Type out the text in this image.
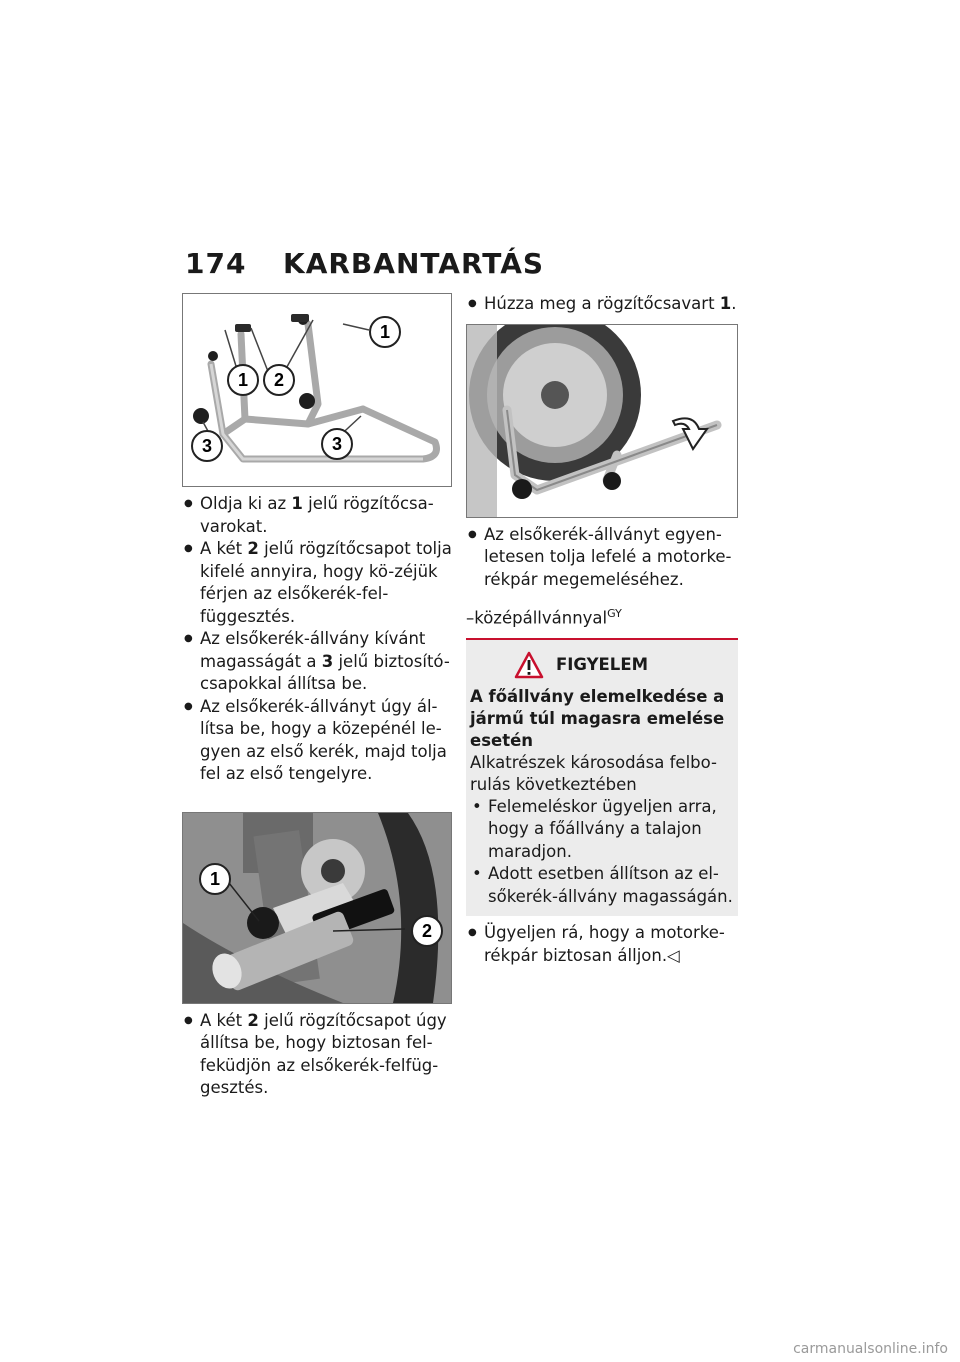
174	KARBANTARTÁS
1 2
1
3	3
● Oldja ki az 1 jelű rögzítőcsa-varokat.
● A két 2 jelű rögzítőcsapot tolja kifelé annyira, hogy kö-zéjük férjen az elsőkerék-fel-függesztés.
● Az elsőkerék-állvány kívánt magasságát a 3 jelű biztosító-csapokkal állítsa be.
● Az elsőkerék-állványt úgy ál-lítsa be, hogy a közepénél le-gyen az első kerék, majd tolja fel az első tengelyre.
1
2
● A két 2 jelű rögzítőcsapot úgy állítsa be, hogy biztosan fel-feküdjön az elsőkerék-felfüg-gesztés.
● Húzza meg a rögzítőcsavart 1.
● Az elsőkerék-állványt egyen-letesen tolja lefelé a motorke-rékpár megemeléséhez.
–középállvánnyal$^{GY}$
FIGYELEM
A főállvány elemelkedése a jármű túl magasra emelése esetén
Alkatrészek károsodása felbo-rulás következtében
• Felemeléskor ügyeljen arra, hogy a főállvány a talajon maradjon.
• Adott esetben állítson az el-sőkerék-állvány magasságán.
● Ügyeljen rá, hogy a motorke-rékpár biztosan álljon.◁
carmanualsonline.info
